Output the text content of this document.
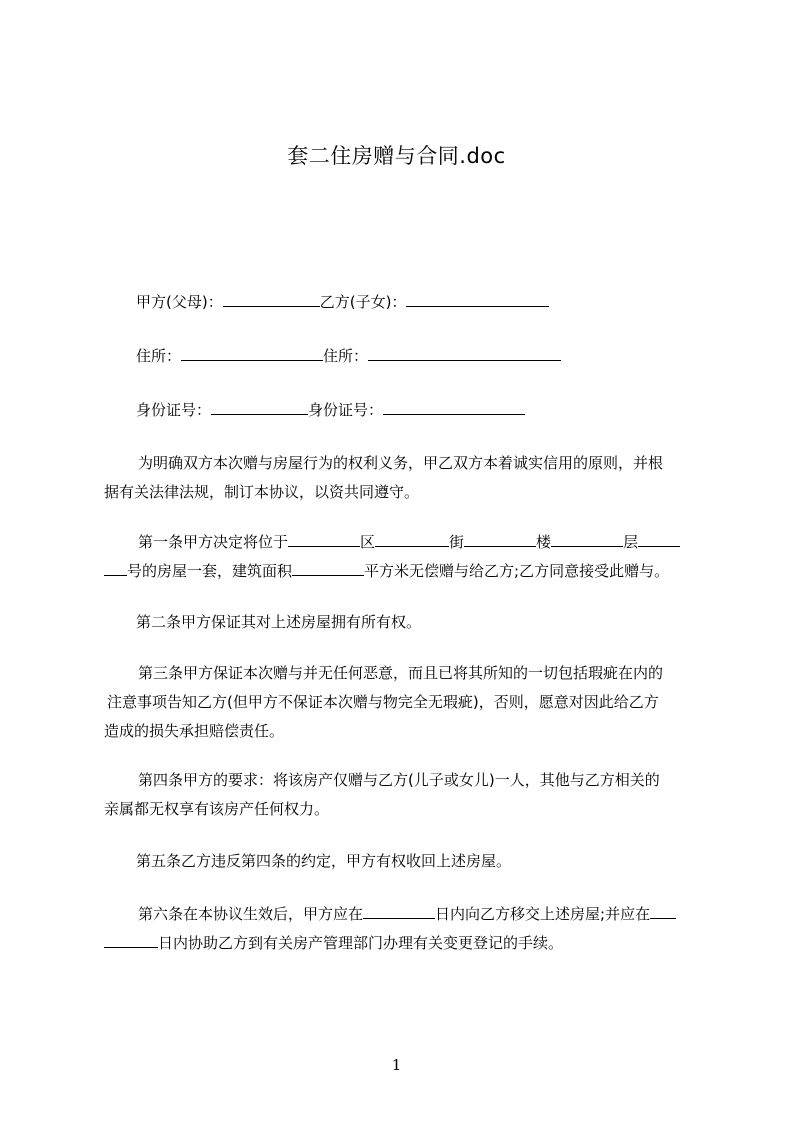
套二住房赠与合同.doc
甲方(父母)：	乙方(子女)：
住所：	住所：
身份证号：	身份证号：
为明确双方本次赠与房屋行为的权利义务，甲乙双方本着诚实信用的原则，并根
据有关法律法规，制订本协议，以资共同遵守。
第一条甲方决定将位于	区	街	楼	层
号的房屋一套，建筑面积	平方米无偿赠与给乙方;乙方同意接受此赠与。
第二条甲方保证其对上述房屋拥有所有权。
第三条甲方保证本次赠与并无任何恶意，而且已将其所知的一切包括瑕疵在内的
注意事项告知乙方(但甲方不保证本次赠与物完全无瑕疵)，否则，愿意对因此给乙方
造成的损失承担赔偿责任。
第四条甲方的要求：将该房产仅赠与乙方(儿子或女儿)一人，其他与乙方相关的
亲属都无权享有该房产任何权力。
第五条乙方违反第四条的约定，甲方有权收回上述房屋。
第六条在本协议生效后，甲方应在	日内向乙方移交上述房屋;并应在
日内协助乙方到有关房产管理部门办理有关变更登记的手续。
1
